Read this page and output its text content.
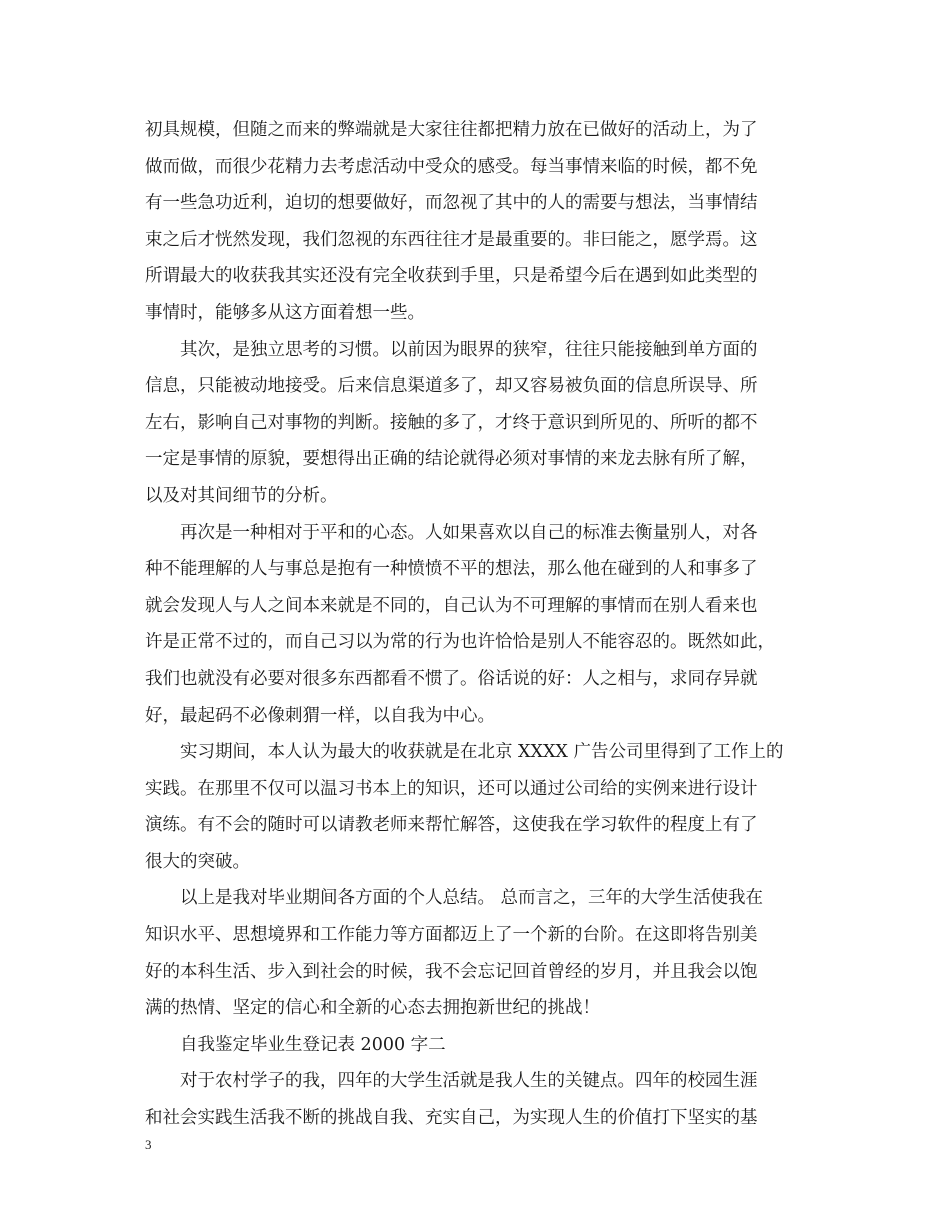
初具规模，但随之而来的弊端就是大家往往都把精力放在已做好的活动上，为了
做而做，而很少花精力去考虑活动中受众的感受。每当事情来临的时候，都不免
有一些急功近利，迫切的想要做好，而忽视了其中的人的需要与想法，当事情结
束之后才恍然发现，我们忽视的东西往往才是最重要的。非曰能之，愿学焉。这
所谓最大的收获我其实还没有完全收获到手里，只是希望今后在遇到如此类型的
事情时，能够多从这方面着想一些。
其次，是独立思考的习惯。以前因为眼界的狭窄，往往只能接触到单方面的
信息，只能被动地接受。后来信息渠道多了，却又容易被负面的信息所误导、所
左右，影响自己对事物的判断。接触的多了，才终于意识到所见的、所听的都不
一定是事情的原貌，要想得出正确的结论就得必须对事情的来龙去脉有所了解，
以及对其间细节的分析。
再次是一种相对于平和的心态。人如果喜欢以自己的标准去衡量别人，对各
种不能理解的人与事总是抱有一种愤愤不平的想法，那么他在碰到的人和事多了
就会发现人与人之间本来就是不同的，自己认为不可理解的事情而在别人看来也
许是正常不过的，而自己习以为常的行为也许恰恰是别人不能容忍的。既然如此，
我们也就没有必要对很多东西都看不惯了。俗话说的好：人之相与，求同存异就
好，最起码不必像刺猬一样，以自我为中心。
实习期间，本人认为最大的收获就是在北京 XXXX 广告公司里得到了工作上的
实践。在那里不仅可以温习书本上的知识，还可以通过公司给的实例来进行设计
演练。有不会的随时可以请教老师来帮忙解答，这使我在学习软件的程度上有了
很大的突破。
以上是我对毕业期间各方面的个人总结。 总而言之，三年的大学生活使我在
知识水平、思想境界和工作能力等方面都迈上了一个新的台阶。在这即将告别美
好的本科生活、步入到社会的时候，我不会忘记回首曾经的岁月，并且我会以饱
满的热情、坚定的信心和全新的心态去拥抱新世纪的挑战！
自我鉴定毕业生登记表 2000 字二
对于农村学子的我，四年的大学生活就是我人生的关键点。四年的校园生涯
和社会实践生活我不断的挑战自我、充实自己，为实现人生的价值打下坚实的基
3
